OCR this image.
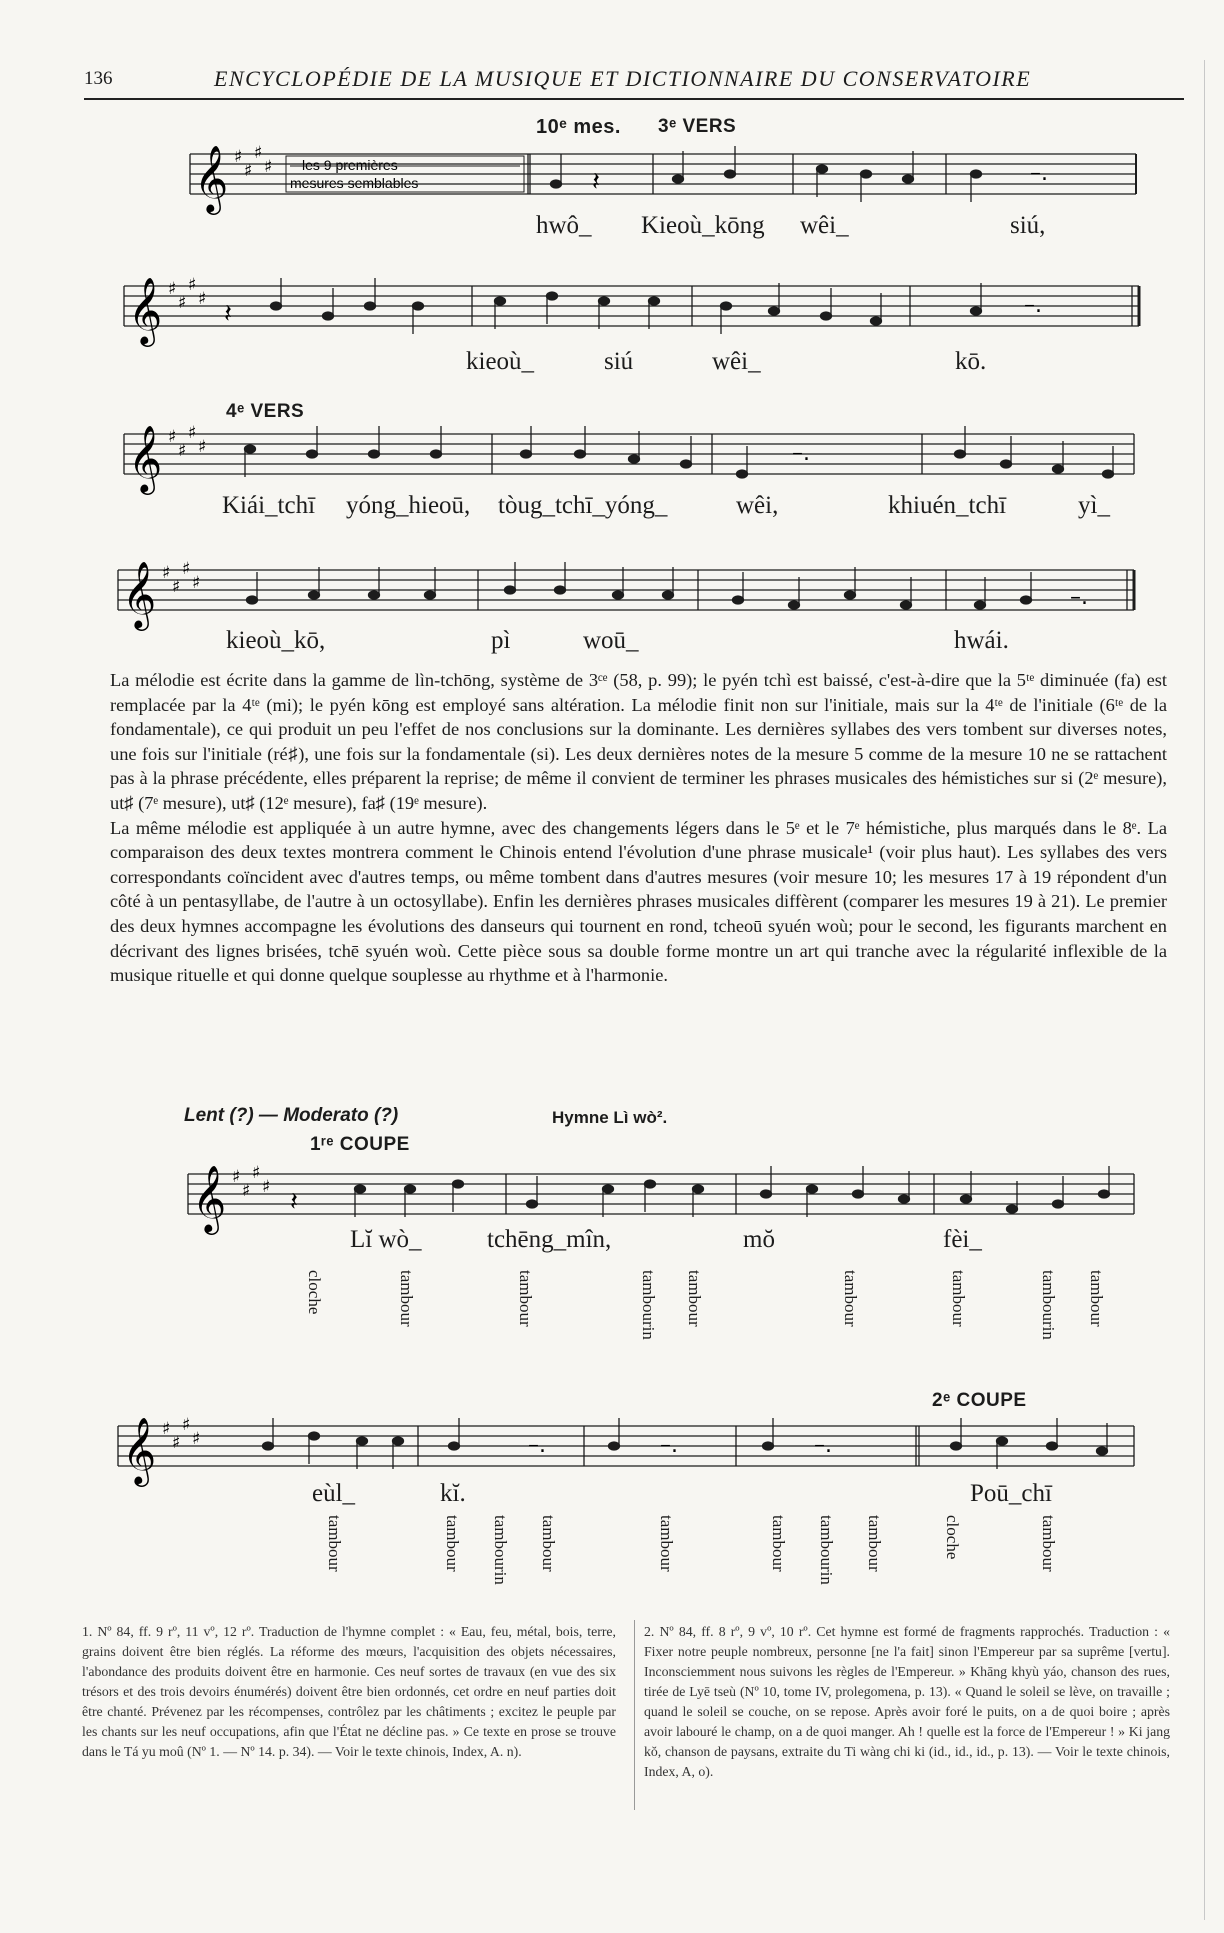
136	ENCYCLOPÉDIE DE LA MUSIQUE ET DICTIONNAIRE DU CONSERVATOIRE
10ᵉ mes. 3ᵉ VERS
𝄞 ♯
♯
♯
♯ les 9 premières
mesures semblables	𝄽	–.
hwô_ Kieoù_kōng wêi_	siú,
𝄞 ♯
♯
♯
♯ 𝄽	–.
kieoù_	siú	wêi_	kō.
4ᵉ VERS
𝄞 ♯
♯
♯
♯	–.
Kiái_tchī yóng_hieoū, tòug_tchī_yóng_	wêi,	khiuén_tchī	yì_
𝄞 ♯
♯
♯
♯
–.
kieoù_kō,	pì	woū_	hwái.

La mélodie est écrite dans la gamme de lìn-tchōng, système de 3ᶜᵉ (58, p. 99); le pyén tchì est baissé, c'est-à-dire que la 5ᵗᵉ diminuée (fa) est remplacée par la 4ᵗᵉ (mi); le pyén kōng est employé sans altération. La mélodie finit non sur l'initiale, mais sur la 4ᵗᵉ de l'initiale (6ᵗᵉ de la fondamentale), ce qui produit un peu l'effet de nos conclusions sur la dominante. Les dernières syllabes des vers tombent sur diverses notes, une fois sur l'initiale (ré♯), une fois sur la fondamentale (si). Les deux dernières notes de la mesure 5 comme de la mesure 10 ne se rattachent pas à la phrase précédente, elles préparent la reprise; de même il convient de terminer les phrases musicales des hémistiches sur si (2ᵉ mesure), ut♯ (7ᵉ mesure), ut♯ (12ᵉ mesure), fa♯ (19ᵉ mesure).

La même mélodie est appliquée à un autre hymne, avec des changements légers dans le 5ᵉ et le 7ᵉ hémistiche, plus marqués dans le 8ᵉ. La comparaison des deux textes montrera comment le Chinois entend l'évolution d'une phrase musicale¹ (voir plus haut). Les syllabes des vers correspondants coïncident avec d'autres temps, ou même tombent dans d'autres mesures (voir mesure 10; les mesures 17 à 19 répondent d'un côté à un pentasyllabe, de l'autre à un octosyllabe). Enfin les dernières phrases musicales diffèrent (comparer les mesures 19 à 21). Le premier des deux hymnes accompagne les évolutions des danseurs qui tournent en rond, tcheoū syuén woù; pour le second, les figurants marchent en décrivant des lignes brisées, tchē syuén woù. Cette pièce sous sa double forme montre un art qui tranche avec la régularité inflexible de la musique rituelle et qui donne quelque souplesse au rhythme et à l'harmonie.

Lent (?) — Moderato (?)	Hymne Lì wò².
1ʳᵉ COUPE
𝄞 ♯
♯
♯
♯ 𝄽
Lĭ wò_	tchēng_mîn,	mŏ	fèi_
cloche	tambour	tambour	tambourin tambour	tambour	tambour	tambourin tambour
2ᵉ COUPE
𝄞 ♯
♯
♯
♯	–.	–.	–.
eùl_	kĭ.	Poū_chī
tambour	tambour tambourin tambour	tambour	tambour tambourin tambour	cloche	tambour
1. Nº 84, ff. 9 rº, 11 vº, 12 rº. Traduction de l'hymne complet : « Eau, feu, métal, bois, terre, grains doivent être bien réglés. La réforme des mœurs, l'acquisition des objets nécessaires, l'abondance des produits doivent être en harmonie. Ces neuf sortes de travaux (en vue des six trésors et des trois devoirs énumérés) doivent être bien ordonnés, cet ordre en neuf parties doit être chanté. Prévenez par les récompenses, contrôlez par les châtiments ; excitez le peuple par les chants sur les neuf occupations, afin que l'État ne décline pas. » Ce texte en prose se trouve dans le Tá yu moû (Nº 1. — Nº 14. p. 34). — Voir le texte chinois, Index, A. n).
2. Nº 84, ff. 8 rº, 9 vº, 10 rº. Cet hymne est formé de fragments rapprochés. Traduction : « Fixer notre peuple nombreux, personne [ne l'a fait] sinon l'Empereur par sa suprême [vertu]. Inconsciemment nous suivons les règles de l'Empereur. » Khāng khyù yáo, chanson des rues, tirée de Lyē tseù (Nº 10, tome IV, prolegomena, p. 13). « Quand le soleil se lève, on travaille ; quand le soleil se couche, on se repose. Après avoir foré le puits, on a de quoi boire ; après avoir labouré le champ, on a de quoi manger. Ah ! quelle est la force de l'Empereur ! » Ki jang kŏ, chanson de paysans, extraite du Ti wàng chi ki (id., id., id., p. 13). — Voir le texte chinois, Index, A, o).
